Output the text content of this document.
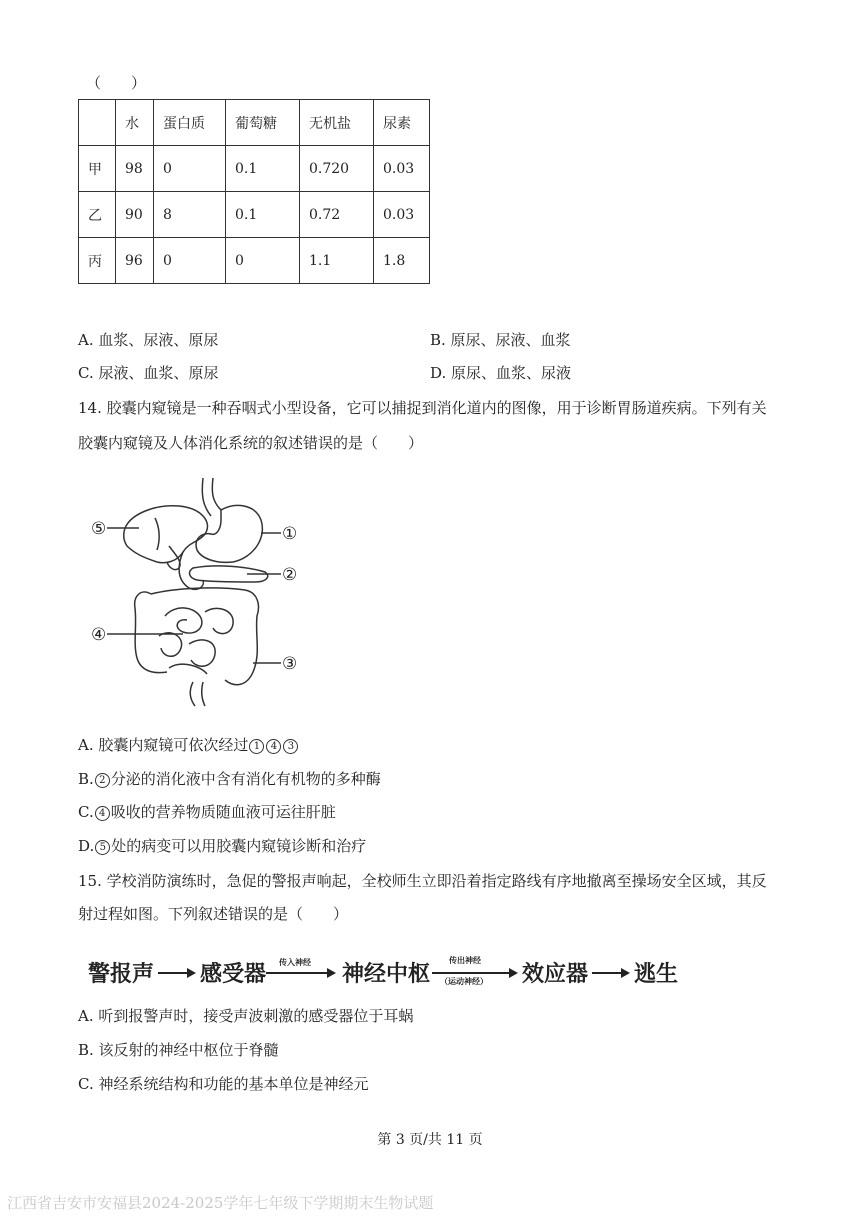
（　　）
	水	蛋白质	葡萄糖	无机盐	尿素
甲	98	0	0.1	0.720	0.03
乙	90	8	0.1	0.72	0.03
丙	96	0	0	1.1	1.8
A. 血浆、尿液、原尿	B. 原尿、尿液、血浆
C. 尿液、血浆、原尿	D. 原尿、血浆、尿液
14. 胶囊内窥镜是一种吞咽式小型设备，它可以捕捉到消化道内的图像，用于诊断胃肠道疾病。下列有关
胶囊内窥镜及人体消化系统的叙述错误的是（　　）
①
②
③
④
⑤
A. 胶囊内窥镜可依次经过 1 4 3
B. 2 分泌的消化液中含有消化有机物的多种酶
C. 4 吸收的营养物质随血液可运往肝脏
D. 5 处的病变可以用胶囊内窥镜诊断和治疗
15. 学校消防演练时，急促的警报声响起，全校师生立即沿着指定路线有序地撤离至操场安全区域，其反
射过程如图。下列叙述错误的是（　　）
警报声 感受器 传入神经 神经中枢
传出神经
（运动神经） 效应器 逃生
A. 听到报警声时，接受声波刺激的感受器位于耳蜗
B. 该反射的神经中枢位于脊髓
C. 神经系统结构和功能的基本单位是神经元
第 3 页/共 11 页
江西省吉安市安福县2024-2025学年七年级下学期期末生物试题
